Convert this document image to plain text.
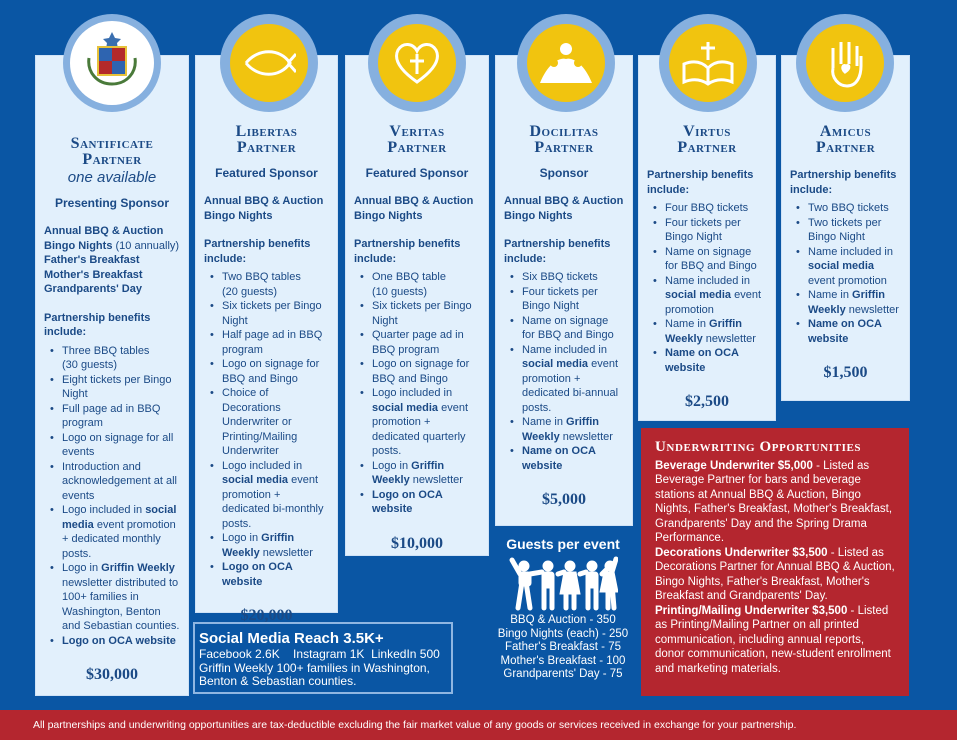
Santificate
Partner
one available
Presenting Sponsor
Annual BBQ & Auction
Bingo Nights (10 annually)
Father's Breakfast
Mother's Breakfast
Grandparents' Day
Partnership benefits include:
• Three BBQ tables
(30 guests)
• Eight tickets per Bingo Night
• Full page ad in BBQ program
• Logo on signage for all events
• Introduction and acknowledgement at all events
• Logo included in social media event promotion + dedicated monthly posts.
• Logo in Griffin Weekly newsletter distributed to 100+ families in Washington, Benton and Sebastian counties.
• Logo on OCA website
$30,000
Libertas
Partner
Featured Sponsor
Annual BBQ & Auction
Bingo Nights
Partnership benefits include:
• Two BBQ tables
(20 guests)
• Six tickets per Bingo Night
• Half page ad in BBQ program
• Logo on signage for BBQ and Bingo
• Choice of Decorations Underwriter or Printing/Mailing Underwriter
• Logo included in social media event promotion + dedicated bi-monthly posts.
• Logo in Griffin Weekly newsletter
• Logo on OCA website
$20,000
Veritas
Partner
Featured Sponsor
Annual BBQ & Auction
Bingo Nights
Partnership benefits include:
• One BBQ table
(10 guests)
• Six tickets per Bingo Night
• Quarter page ad in BBQ program
• Logo on signage for BBQ and Bingo
• Logo included in social media event promotion + dedicated quarterly posts.
• Logo in Griffin Weekly newsletter
• Logo on OCA website
$10,000
Docilitas
Partner
Sponsor
Annual BBQ & Auction
Bingo Nights
Partnership benefits include:
• Six BBQ tickets
• Four tickets per Bingo Night
• Name on signage for BBQ and Bingo
• Name included in social media event promotion + dedicated bi-annual posts.
• Name in Griffin Weekly newsletter
• Name on OCA website
$5,000
Virtus
Partner
Partnership benefits include:
• Four BBQ tickets
• Four tickets per Bingo Night
• Name on signage for BBQ and Bingo
• Name included in social media event promotion
• Name in Griffin Weekly newsletter
• Name on OCA website
$2,500
Amicus
Partner
Partnership benefits include:
• Two BBQ tickets
• Two tickets per Bingo Night
• Name included in social media event promotion
• Name in Griffin Weekly newsletter
• Name on OCA website
$1,500
Social Media Reach 3.5K+
Facebook 2.6K    Instagram 1K  LinkedIn 500
Griffin Weekly 100+ families in Washington, Benton & Sebastian counties.
Guests per event
BBQ & Auction - 350
Bingo Nights (each) - 250
Father's Breakfast - 75
Mother's Breakfast - 100
Grandparents' Day - 75
Underwriting Opportunities
Beverage Underwriter $5,000 - Listed as Beverage Partner for bars and beverage stations at Annual BBQ & Auction, Bingo Nights, Father's Breakfast, Mother's Breakfast, Grandparents' Day and the Spring Drama Performance.
Decorations Underwriter $3,500 - Listed as Decorations Partner for Annual BBQ & Auction, Bingo Nights, Father's Breakfast, Mother's Breakfast and Grandparents' Day.
Printing/Mailing Underwriter $3,500 - Listed as Printing/Mailing Partner on all printed communication, including annual reports, donor communication, new-student enrollment and marketing materials.
All partnerships and underwriting opportunities are tax-deductible excluding the fair market value of any goods or services received in exchange for your partnership.
